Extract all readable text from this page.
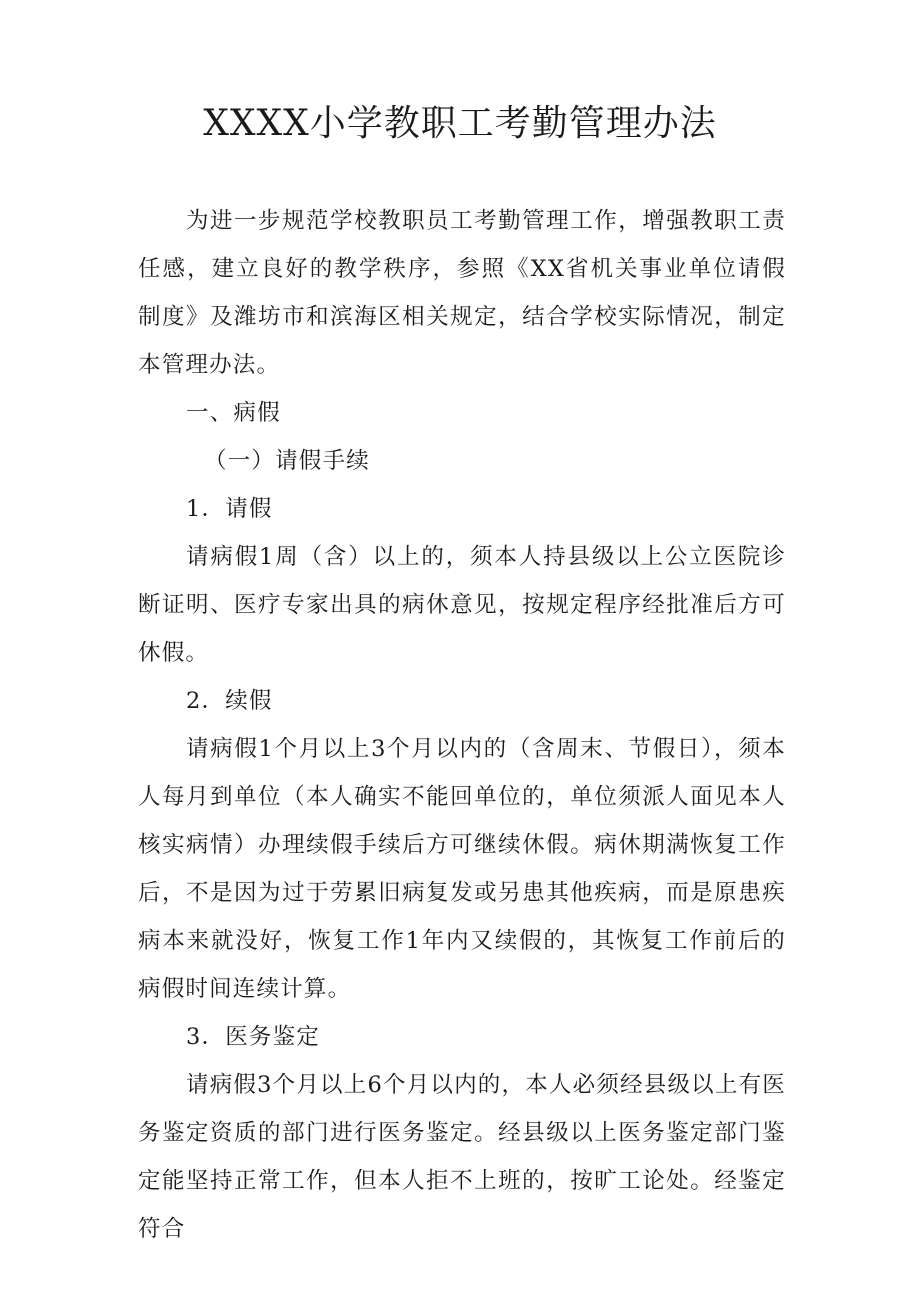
XXXX小学教职工考勤管理办法

为进一步规范学校教职员工考勤管理工作，增强教职工责任感，建立良好的教学秩序，参照《XX省机关事业单位请假制度》及潍坊市和滨海区相关规定，结合学校实际情况，制定本管理办法。

一、病假

（一）请假手续

1．请假

请病假1周（含）以上的，须本人持县级以上公立医院诊断证明、医疗专家出具的病休意见，按规定程序经批准后方可休假。

2．续假

请病假1个月以上3个月以内的（含周末、节假日），须本人每月到单位（本人确实不能回单位的，单位须派人面见本人核实病情）办理续假手续后方可继续休假。病休期满恢复工作后，不是因为过于劳累旧病复发或另患其他疾病，而是原患疾病本来就没好，恢复工作1年内又续假的，其恢复工作前后的病假时间连续计算。

3．医务鉴定

请病假3个月以上6个月以内的，本人必须经县级以上有医务鉴定资质的部门进行医务鉴定。经县级以上医务鉴定部门鉴定能坚持正常工作，但本人拒不上班的，按旷工论处。经鉴定符合
